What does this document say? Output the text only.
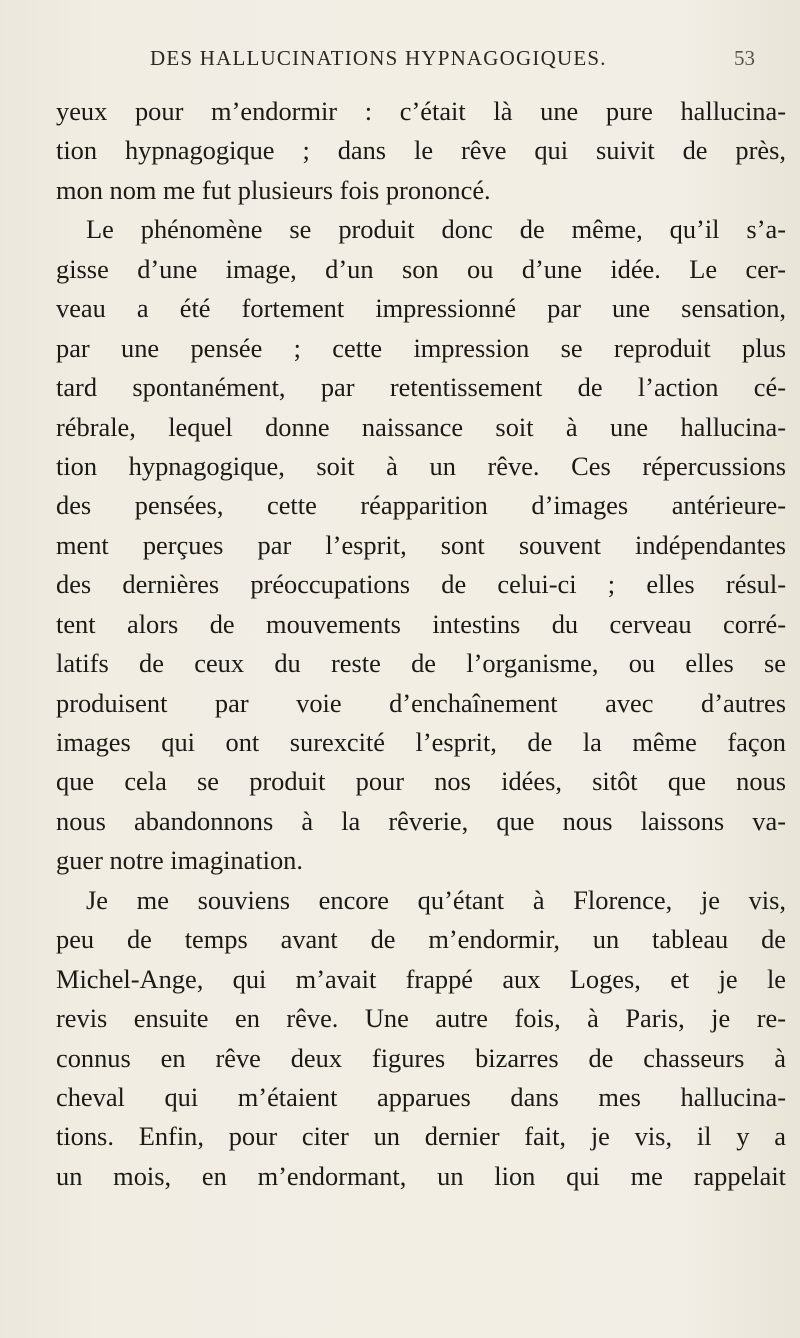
DES HALLUCINATIONS HYPNAGOGIQUES.	53
yeux pour m’endormir : c’était là une pure hallucina-
tion hypnagogique ; dans le rêve qui suivit de près,
mon nom me fut plusieurs fois prononcé.
Le phénomène se produit donc de même, qu’il s’a-
gisse d’une image, d’un son ou d’une idée. Le cer-
veau a été fortement impressionné par une sensation,
par une pensée ; cette impression se reproduit plus
tard spontanément, par retentissement de l’action cé-
rébrale, lequel donne naissance soit à une hallucina-
tion hypnagogique, soit à un rêve. Ces répercussions
des pensées, cette réapparition d’images antérieure-
ment perçues par l’esprit, sont souvent indépendantes
des dernières préoccupations de celui-ci ; elles résul-
tent alors de mouvements intestins du cerveau corré-
latifs de ceux du reste de l’organisme, ou elles se
produisent par voie d’enchaînement avec d’autres
images qui ont surexcité l’esprit, de la même façon
que cela se produit pour nos idées, sitôt que nous
nous abandonnons à la rêverie, que nous laissons va-
guer notre imagination.
Je me souviens encore qu’étant à Florence, je vis,
peu de temps avant de m’endormir, un tableau de
Michel-Ange, qui m’avait frappé aux Loges, et je le
revis ensuite en rêve. Une autre fois, à Paris, je re-
connus en rêve deux figures bizarres de chasseurs à
cheval qui m’étaient apparues dans mes hallucina-
tions. Enfin, pour citer un dernier fait, je vis, il y a
un mois, en m’endormant, un lion qui me rappelait
